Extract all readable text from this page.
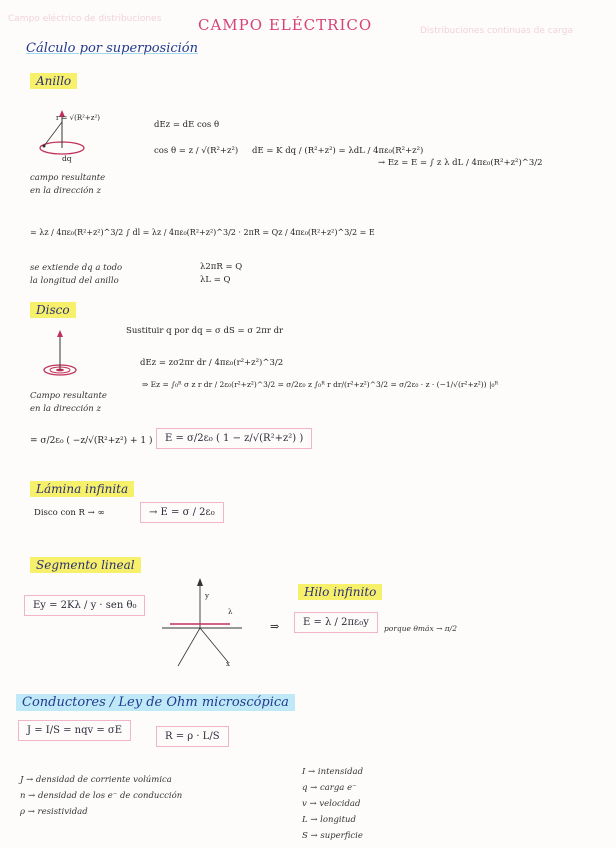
Campo eléctrico de distribuciones
Distribuciones continuas de carga
CAMPO ELÉCTRICO
Cálculo por superposición
Anillo
r = √(R²+z²)
dq
campo resultante
en la dirección z
dEz = dE cos θ
cos θ = z / √(R²+z²) dE = K dq / (R²+z²) = λdL / 4πε₀(R²+z²)
→ Ez = E = ∫ z λ dL / 4πε₀(R²+z²)^3/2
= λz / 4πε₀(R²+z²)^3/2 ∫ dl = λz / 4πε₀(R²+z²)^3/2 · 2πR = Qz / 4πε₀(R²+z²)^3/2 = E
se extiende dq a todo
la longitud del anillo
λ2πR = Q
λL = Q
Disco
Sustituir q por dq = σ dS = σ 2πr dr
dEz = zσ2πr dr / 4πε₀(r²+z²)^3/2
⇒ Ez = ∫₀ᴿ σ z r dr / 2ε₀(r²+z²)^3/2 = σ/2ε₀ z ∫₀ᴿ r dr/(r²+z²)^3/2 = σ/2ε₀ · z · (−1/√(r²+z²)) |₀ᴿ
Campo resultante
en la dirección z
= σ/2ε₀ ( −z/√(R²+z²) + 1 )	E = σ/2ε₀ ( 1 − z/√(R²+z²) )
Lámina infinita
Disco con R → ∞	→ E = σ / 2ε₀
Segmento lineal
Ey = 2Kλ / y · sen θ₀
y
x
λ
Hilo infinito
⇒	E = λ / 2πε₀y
porque θmáx → π/2
Conductores / Ley de Ohm microscópica
J = I/S = nqv = σE
R = ρ · L/S
J → densidad de corriente volúmica
n → densidad de los e⁻ de conducción
ρ → resistividad
I → intensidad
q → carga e⁻
v → velocidad
L → longitud
S → superficie
